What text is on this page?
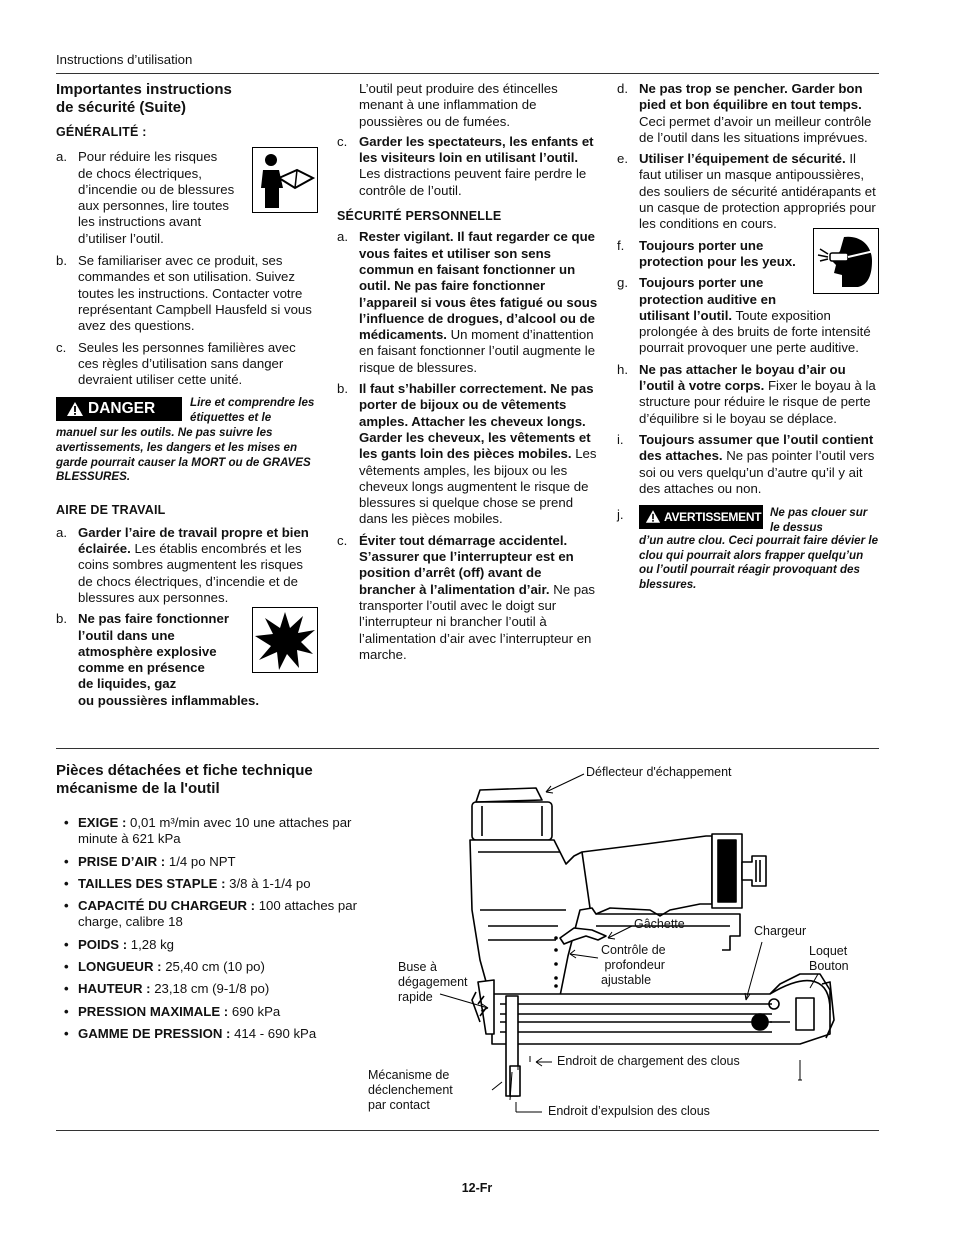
Instructions d’utilisation
Importantes instructions
de sécurité (Suite)
GÉNÉRALITÉ :
a. Pour réduire les risques
de chocs électriques,
d’incendie ou de blessures
aux personnes, lire toutes
les instructions avant
d’utiliser l’outil.
b. Se familiariser avec ce produit, ses commandes et son utilisation. Suivez toutes les instructions. Contacter votre représentant Campbell Hausfeld si vous avez des questions.
c. Seules les personnes familières avec ces règles d’utilisation sans danger devraient utiliser cette unité.
DANGER	Lire et comprendre les étiquettes et le
manuel sur les outils. Ne pas suivre les avertissements, les dangers et les mises en garde pourrait causer la MORT ou de GRAVES BLESSURES.
AIRE DE TRAVAIL
a. Garder l’aire de travail propre et bien éclairée. Les établis encombrés et les coins sombres augmentent les risques de chocs électriques, d’incendie et de blessures aux personnes.
b. Ne pas faire fonctionner
l’outil dans une
atmosphère explosive
comme en présence
de liquides, gaz
ou poussières inflammables.
L’outil peut produire des étincelles menant à une inflammation de poussières ou de fumées.
c. Garder les spectateurs, les enfants et les visiteurs loin en utilisant l’outil. Les distractions peuvent faire perdre le contrôle de l’outil.
SÉCURITÉ PERSONNELLE
a. Rester vigilant. Il faut regarder ce que vous faites et utiliser son sens commun en faisant fonctionner un outil. Ne pas faire fonctionner l’appareil si vous êtes fatigué ou sous l’influence de drogues, d’alcool ou de médicaments. Un moment d’inattention en faisant fonctionner l’outil augmente le risque de blessures.
b. Il faut s’habiller correctement. Ne pas porter de bijoux ou de vêtements amples. Attacher les cheveux longs. Garder les cheveux, les vêtements et les gants loin des pièces mobiles. Les vêtements amples, les bijoux ou les cheveux longs augmentent le risque de blessures si quelque chose se prend dans les pièces mobiles.
c. Éviter tout démarrage accidentel. S’assurer que l’interrupteur est en position d’arrêt (off) avant de brancher à l’alimentation d’air. Ne pas transporter l’outil avec le doigt sur l’interrupteur ni brancher l’outil à l’alimentation d’air avec l’interrupteur en marche.
d. Ne pas trop se pencher. Garder bon pied et bon équilibre en tout temps. Ceci permet d’avoir un meilleur contrôle de l’outil dans les situations imprévues.
e. Utiliser l’équipement de sécurité. Il faut utiliser un masque antipoussières, des souliers de sécurité antidérapants et un casque de protection appropriés pour les conditions en cours.
f. Toujours porter une
protection pour les yeux.
g. Toujours porter une
protection auditive en
utilisant l’outil. Toute exposition prolongée à des bruits de forte intensité pourrait provoquer une perte auditive.
h. Ne pas attacher le boyau d’air ou l’outil à votre corps. Fixer le boyau à la structure pour réduire le risque de perte d’équilibre si le boyau se déplace.
i. Toujours assumer que l’outil contient des attaches. Ne pas pointer l’outil vers soi ou vers quelqu’un d’autre qu’il y ait des attaches ou non.
j.	AVERTISSEMENT Ne pas clouer sur le dessus
d’un autre clou. Ceci pourrait faire dévier le clou qui pourrait alors frapper quelqu’un ou l’outil pourrait réagir provoquant des blessures.
Pièces détachées et fiche technique
mécanisme de la l'outil
• EXIGE : 0,01 m³/min avec 10 une attaches par minute à 621 kPa
• PRISE D’AIR : 1/4 po NPT
• TAILLES DES STAPLE : 3/8 à 1-1/4 po
• CAPACITÉ DU CHARGEUR : 100 attaches par charge, calibre 18
• POIDS : 1,28 kg
• LONGUEUR : 25,40 cm (10 po)
• HAUTEUR : 23,18 cm (9-1/8 po)
• PRESSION MAXIMALE : 690 kPa
• GAMME DE PRESSION : 414 - 690 kPa
Déflecteur d'échappement
Gâchette	Chargeur
Contrôle de
profondeur
ajustable
Loquet
Bouton
Buse à
dégagement
rapide
Endroit de chargement des clous
Mécanisme de
déclenchement
par contact	Endroit d’expulsion des clous
12-Fr
